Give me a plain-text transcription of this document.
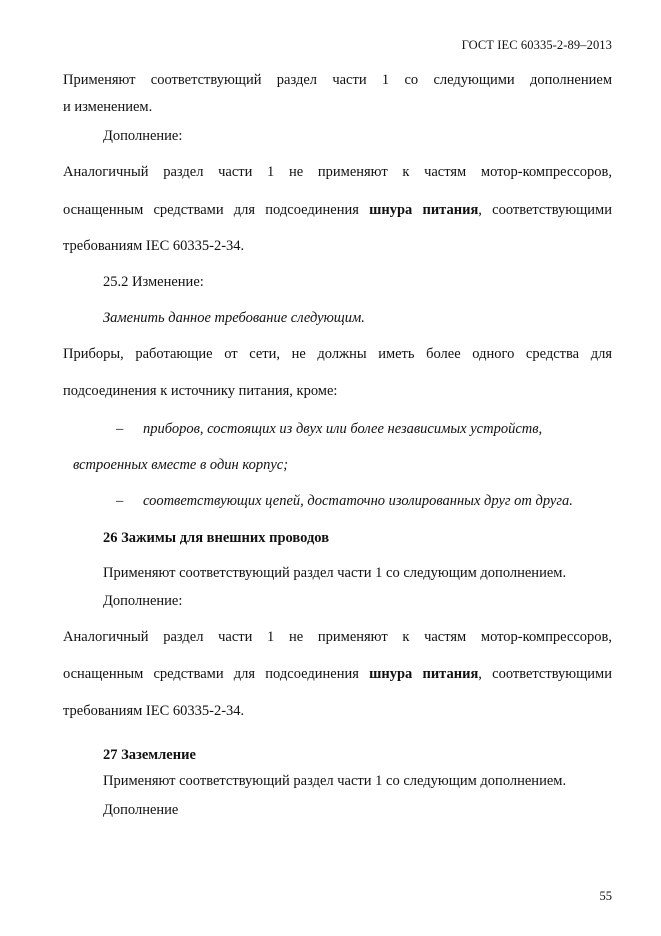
ГОСТ IEC 60335-2-89–2013
Применяют соответствующий раздел части 1 со следующими дополнением
и изменением.
Дополнение:
Аналогичный раздел части 1 не применяют к частям мотор-компрессоров,
оснащенным средствами для подсоединения шнура питания, соответствующими
требованиям IEC 60335-2-34.
25.2 Изменение:
Заменить данное требование следующим.
Приборы, работающие от сети, не должны иметь более одного средства для
подсоединения к источнику питания, кроме:
– приборов, состоящих из двух или более независимых устройств,
встроенных вместе в один корпус;
– соответствующих цепей, достаточно изолированных друг от друга.
26 Зажимы для внешних проводов
Применяют соответствующий раздел части 1 со следующим дополнением.
Дополнение:
Аналогичный раздел части 1 не применяют к частям мотор-компрессоров,
оснащенным средствами для подсоединения шнура питания, соответствующими
требованиям IEC 60335-2-34.
27 Заземление
Применяют соответствующий раздел части 1 со следующим дополнением.
Дополнение
55
